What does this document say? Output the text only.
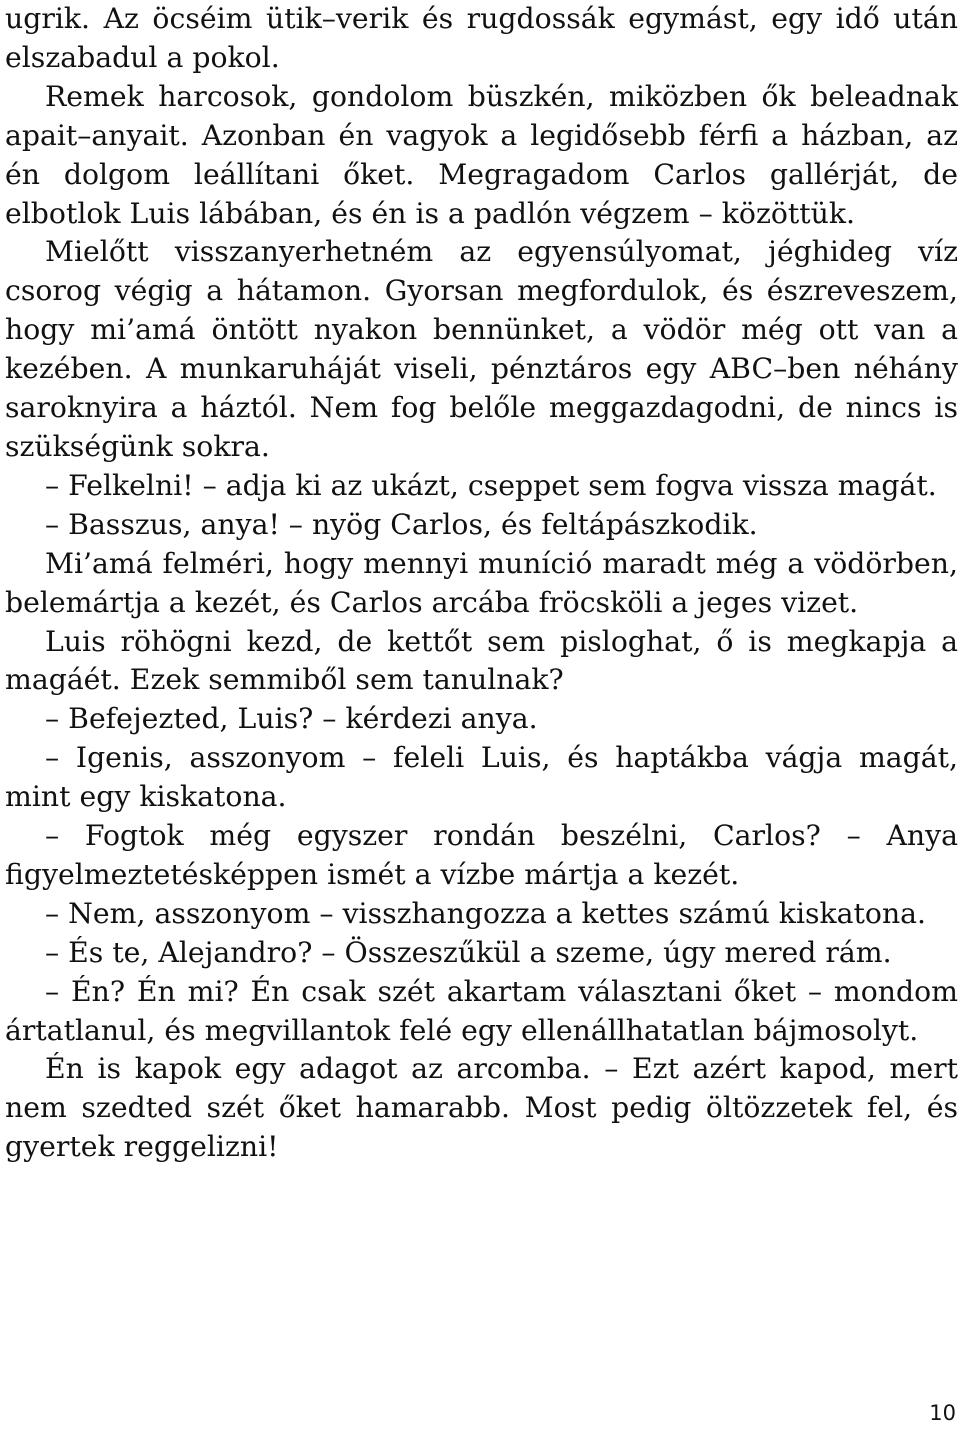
ugrik. Az öcséim ütik–verik és rugdossák egymást, egy idő után elszabadul a pokol.

Remek harcosok, gondolom büszkén, miközben ők beleadnak apait–anyait. Azonban én vagyok a legidősebb férfi a házban, az én dolgom leállítani őket. Megragadom Carlos gallérját, de elbotlok Luis lábában, és én is a padlón végzem – közöttük.

Mielőtt visszanyerhetném az egyensúlyomat, jéghideg víz csorog végig a hátamon. Gyorsan megfordulok, és észreveszem, hogy mi’amá öntött nyakon bennünket, a vödör még ott van a kezében. A munkaruháját viseli, pénztáros egy ABC–ben néhány saroknyira a háztól. Nem fog belőle meggazdagodni, de nincs is szükségünk sokra.

– Felkelni! – adja ki az ukázt, cseppet sem fogva vissza magát.

– Basszus, anya! – nyög Carlos, és feltápászkodik.

Mi’amá felméri, hogy mennyi muníció maradt még a vödörben, belemártja a kezét, és Carlos arcába fröcsköli a jeges vizet.

Luis röhögni kezd, de kettőt sem pisloghat, ő is megkapja a magáét. Ezek semmiből sem tanulnak?

– Befejezted, Luis? – kérdezi anya.

– Igenis, asszonyom – feleli Luis, és haptákba vágja magát, mint egy kiskatona.

– Fogtok még egyszer rondán beszélni, Carlos? – Anya figyelmeztetésképpen ismét a vízbe mártja a kezét.

– Nem, asszonyom – visszhangozza a kettes számú kiskatona.

– És te, Alejandro? – Összeszűkül a szeme, úgy mered rám.

– Én? Én mi? Én csak szét akartam választani őket – mondom ártatlanul, és megvillantok felé egy ellenállhatatlan bájmosolyt.

Én is kapok egy adagot az arcomba. – Ezt azért kapod, mert nem szedted szét őket hamarabb. Most pedig öltözzetek fel, és gyertek reggelizni!

10
